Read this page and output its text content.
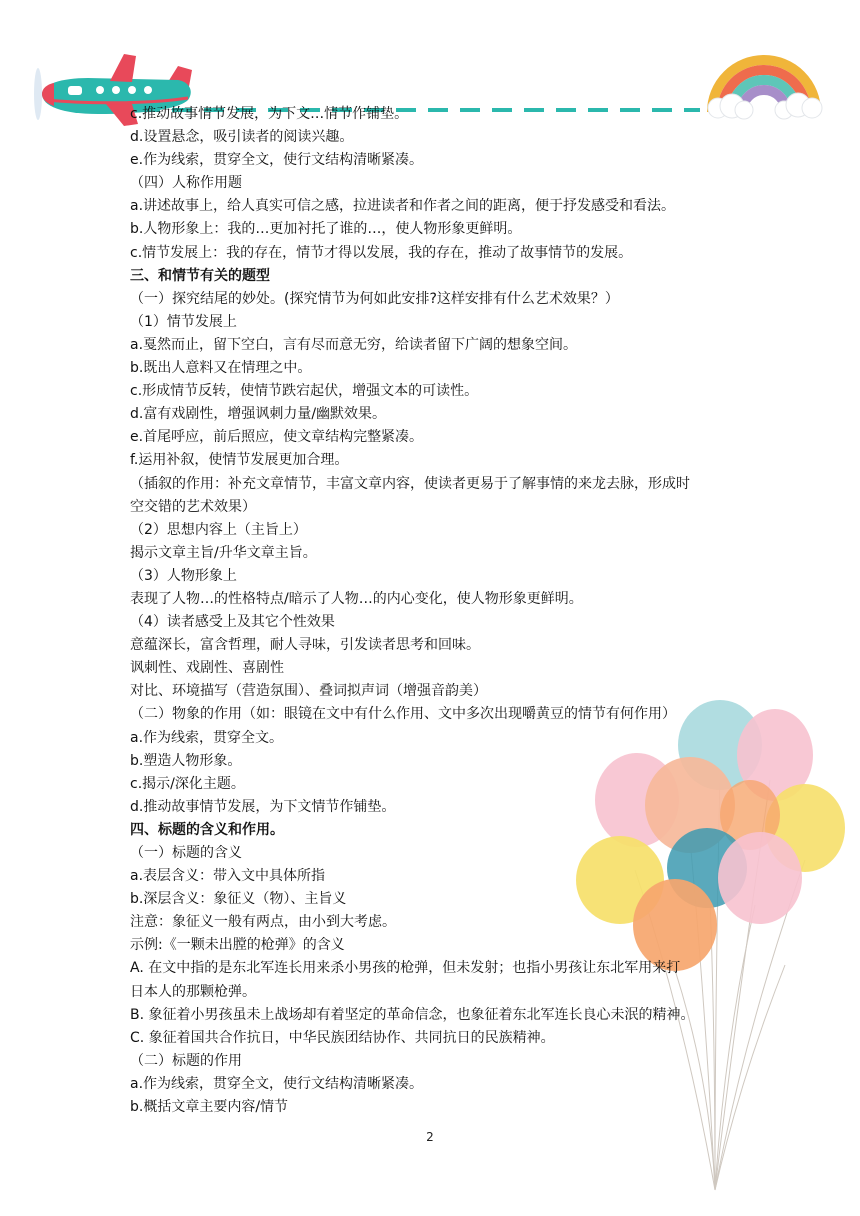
c.推动故事情节发展，为下文…情节作铺垫。
d.设置悬念，吸引读者的阅读兴趣。
e.作为线索，贯穿全文，使行文结构清晰紧凑。
（四）人称作用题
a.讲述故事上，给人真实可信之感，拉进读者和作者之间的距离，便于抒发感受和看法。
b.人物形象上：我的…更加衬托了谁的…，使人物形象更鲜明。
c.情节发展上：我的存在，情节才得以发展，我的存在，推动了故事情节的发展。
三、和情节有关的题型
（一）探究结尾的妙处。(探究情节为何如此安排?这样安排有什么艺术效果？）
（1）情节发展上
a.戛然而止，留下空白，言有尽而意无穷，给读者留下广阔的想象空间。
b.既出人意料又在情理之中。
c.形成情节反转，使情节跌宕起伏，增强文本的可读性。
d.富有戏剧性，增强讽刺力量/幽默效果。
e.首尾呼应，前后照应，使文章结构完整紧凑。
f.运用补叙，使情节发展更加合理。
（插叙的作用：补充文章情节，丰富文章内容，使读者更易于了解事情的来龙去脉，形成时
空交错的艺术效果）
（2）思想内容上（主旨上）
揭示文章主旨/升华文章主旨。
（3）人物形象上
表现了人物…的性格特点/暗示了人物…的内心变化，使人物形象更鲜明。
（4）读者感受上及其它个性效果
意蕴深长，富含哲理，耐人寻味，引发读者思考和回味。
讽刺性、戏剧性、喜剧性
对比、环境描写（营造氛围）、叠词拟声词（增强音韵美）
（二）物象的作用（如：眼镜在文中有什么作用、文中多次出现嚼黄豆的情节有何作用）
a.作为线索，贯穿全文。
b.塑造人物形象。
c.揭示/深化主题。
d.推动故事情节发展，为下文情节作铺垫。
四、标题的含义和作用。
（一）标题的含义
a.表层含义：带入文中具体所指
b.深层含义：象征义（物）、主旨义
注意：象征义一般有两点，由小到大考虑。
示例:《一颗未出膛的枪弹》的含义
A. 在文中指的是东北军连长用来杀小男孩的枪弹，但未发射；也指小男孩让东北军用来打
日本人的那颗枪弹。
B. 象征着小男孩虽未上战场却有着坚定的革命信念，也象征着东北军连长良心未泯的精神。
C. 象征着国共合作抗日，中华民族团结协作、共同抗日的民族精神。
（二）标题的作用
a.作为线索，贯穿全文，使行文结构清晰紧凑。
b.概括文章主要内容/情节
2
